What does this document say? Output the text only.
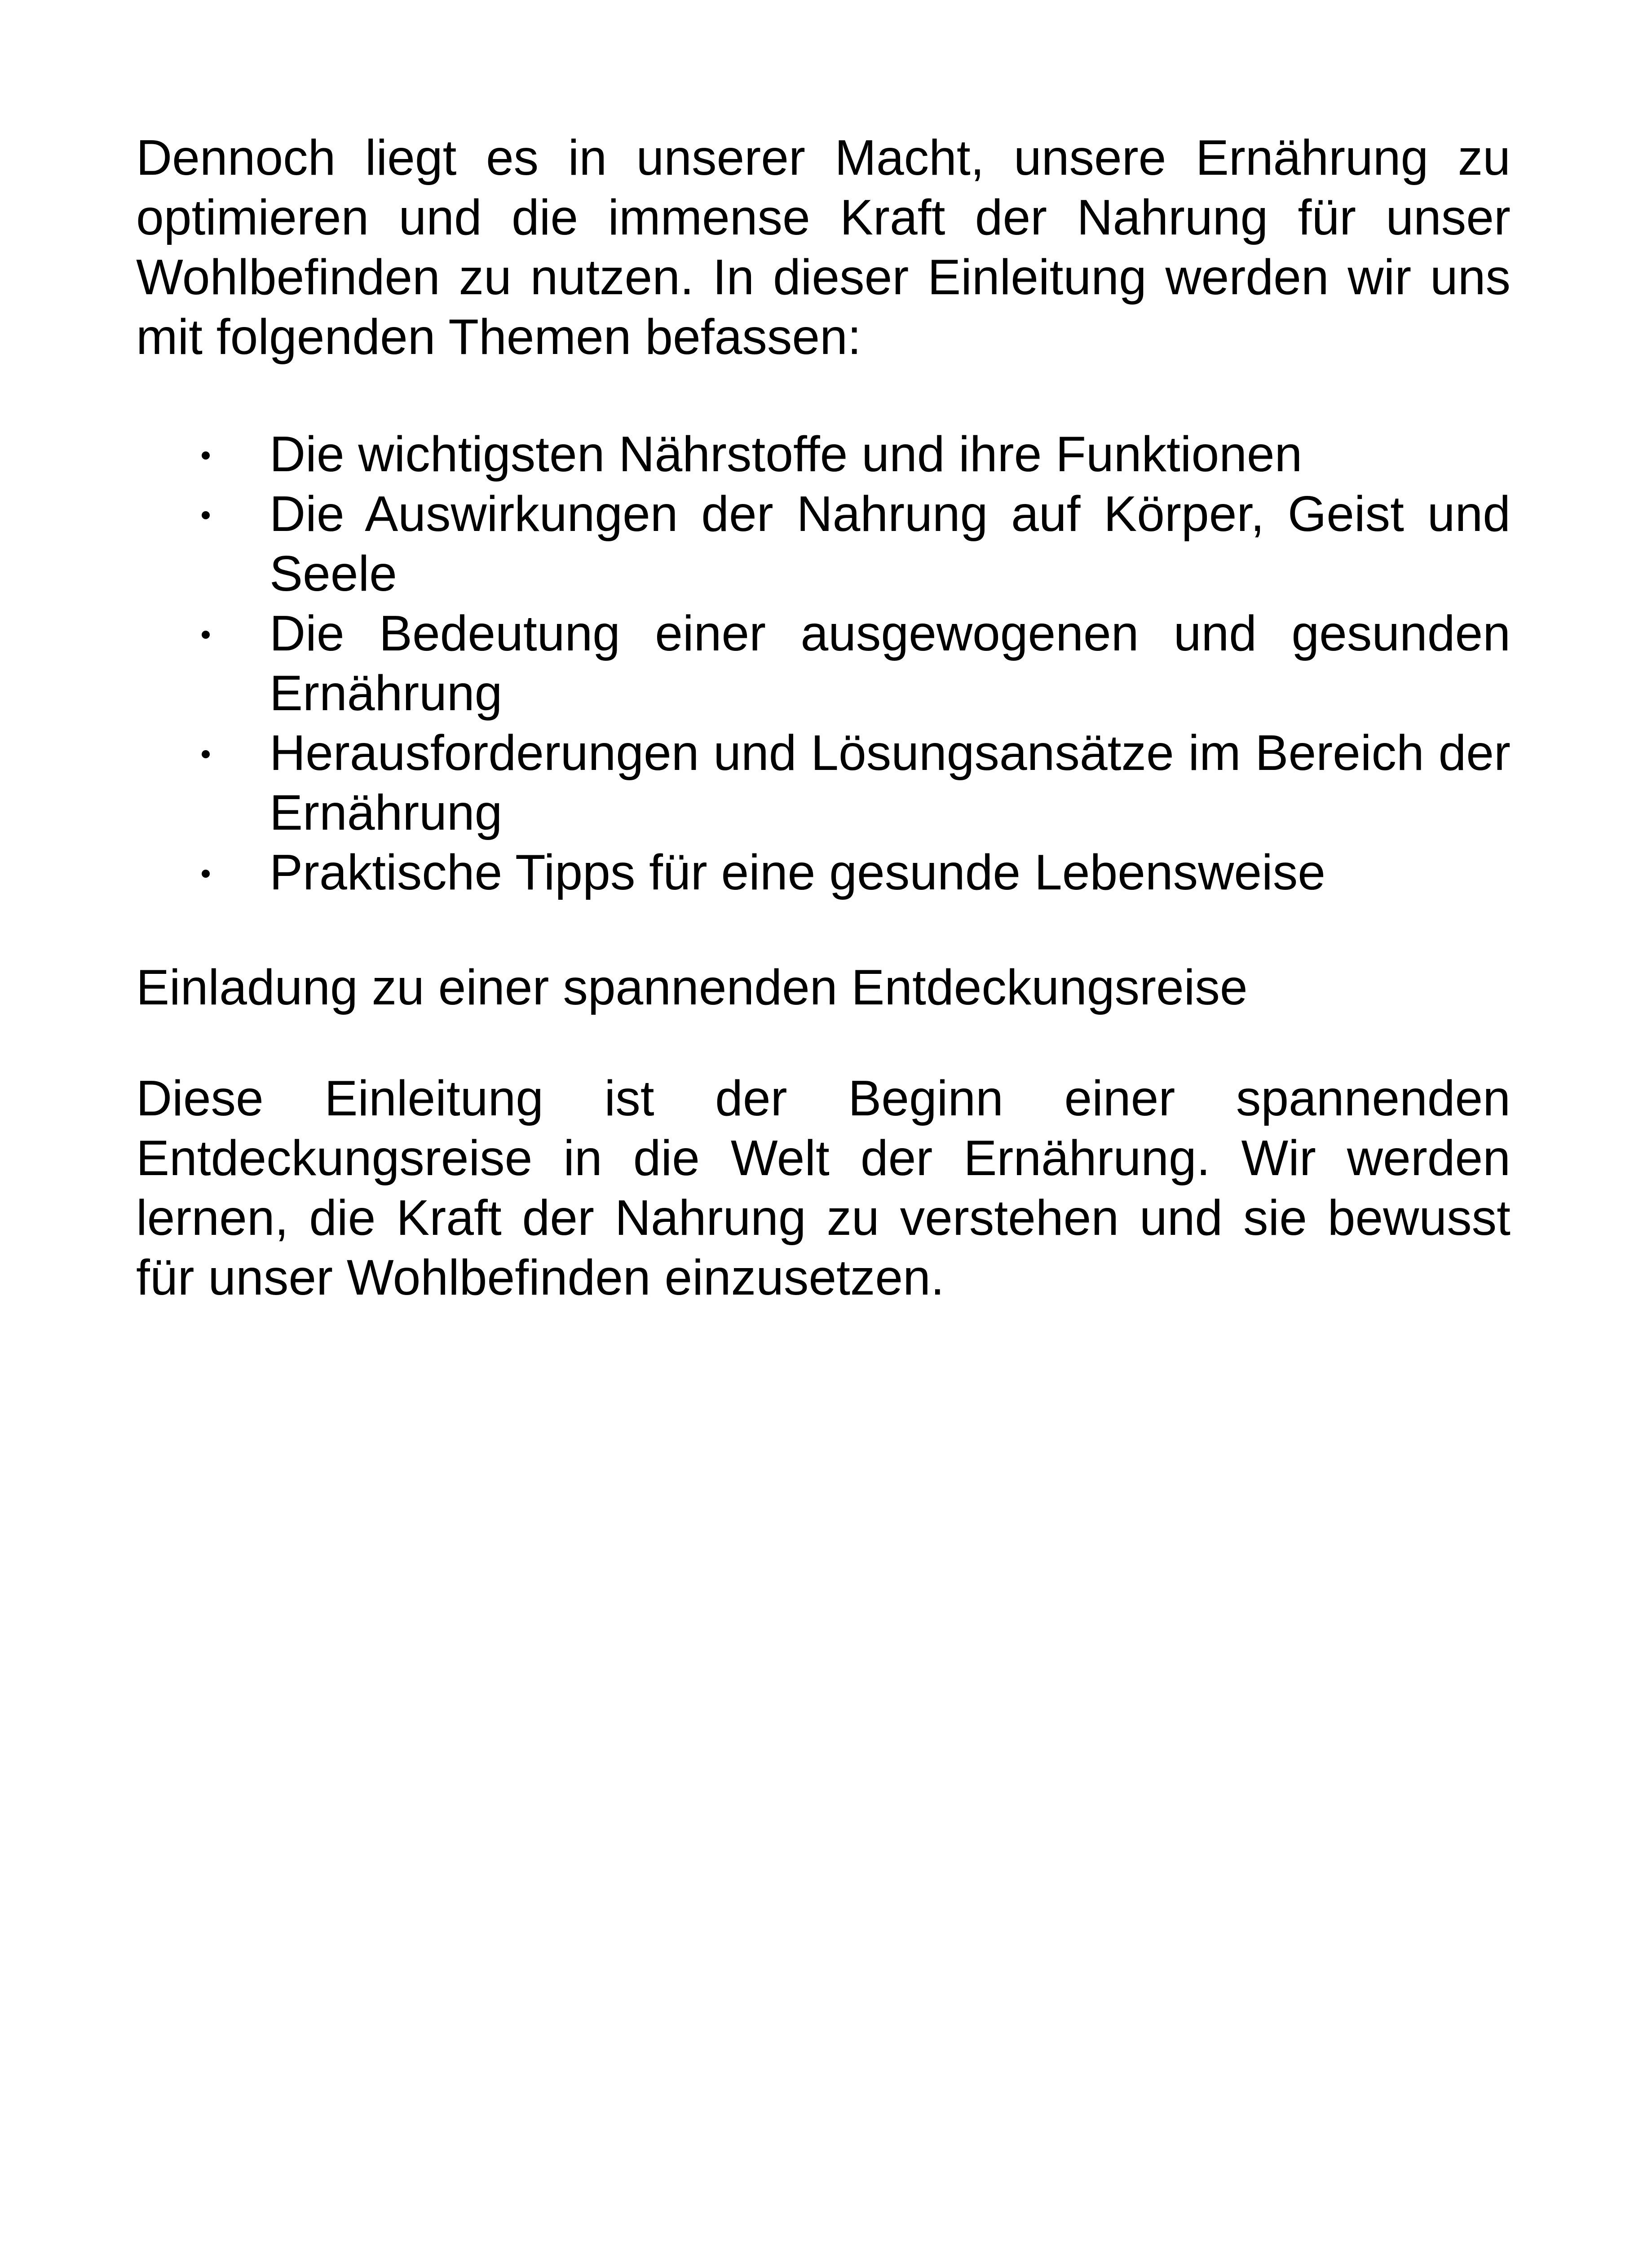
Dennoch liegt es in unserer Macht, unsere Ernährung zu optimieren und die immense Kraft der Nahrung für unser Wohlbefinden zu nutzen. In dieser Einleitung werden wir uns mit folgenden Themen befassen:

Die wichtigsten Nährstoffe und ihre Funktionen
Die Auswirkungen der Nahrung auf Körper, Geist und Seele
Die Bedeutung einer ausgewogenen und gesunden Ernährung
Herausforderungen und Lösungsansätze im Bereich der Ernährung
Praktische Tipps für eine gesunde Lebensweise

Einladung zu einer spannenden Entdeckungsreise

Diese Einleitung ist der Beginn einer spannenden Entdeckungsreise in die Welt der Ernährung. Wir werden lernen, die Kraft der Nahrung zu verstehen und sie bewusst für unser Wohlbefinden einzusetzen.
